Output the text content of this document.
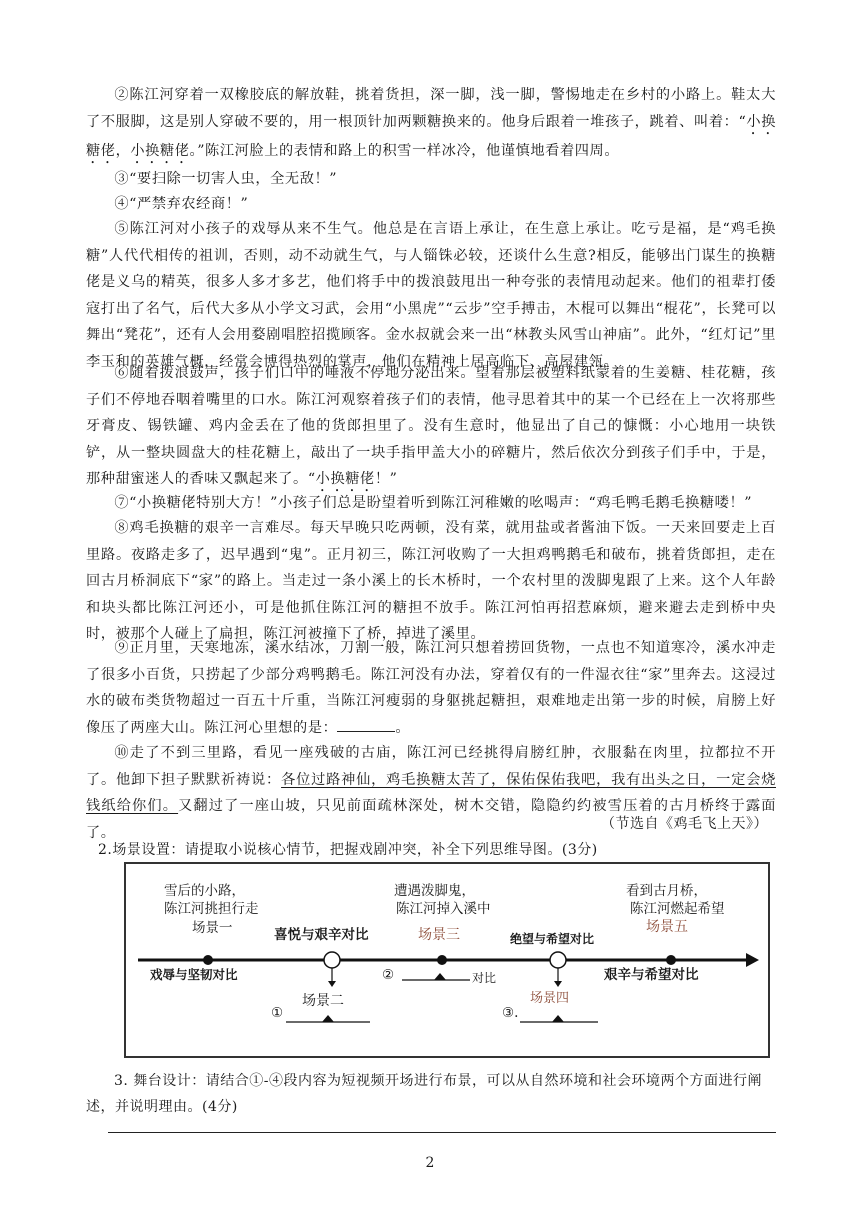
②陈江河穿着一双橡胶底的解放鞋，挑着货担，深一脚，浅一脚，警惕地走在乡村的小路上。鞋太大了不服脚，这是别人穿破不要的，用一根顶针加两颗糖换来的。他身后跟着一堆孩子，跳着、叫着：“小换糖佬，小换糖佬。”陈江河脸上的表情和路上的积雪一样冰冷，他谨慎地看着四周。

③“要扫除一切害人虫，全无敌！”

④“严禁弃农经商！”

⑤陈江河对小孩子的戏辱从来不生气。他总是在言语上承让，在生意上承让。吃亏是福，是“鸡毛换糖”人代代相传的祖训，否则，动不动就生气，与人锱铢必较，还谈什么生意?相反，能够出门谋生的换糖佬是义乌的精英，很多人多才多艺，他们将手中的拨浪鼓甩出一种夸张的表情甩动起来。他们的祖辈打倭寇打出了名气，后代大多从小学文习武，会用“小黑虎”“云步”空手搏击，木棍可以舞出“棍花”，长凳可以舞出“凳花”，还有人会用婺剧唱腔招揽顾客。金水叔就会来一出“林教头风雪山神庙”。此外，“红灯记”里李玉和的英雄气概，经常会博得热烈的掌声，他们在精神上居高临下、高屋建瓴。

⑥随着拨浪鼓声，孩子们口中的唾液不停地分泌出来。望着那层被塑料纸蒙着的生姜糖、桂花糖，孩子们不停地吞咽着嘴里的口水。陈江河观察着孩子们的表情，他寻思着其中的某一个已经在上一次将那些牙膏皮、锡铁罐、鸡内金丢在了他的货郎担里了。没有生意时，他显出了自己的慷慨：小心地用一块铁铲，从一整块圆盘大的桂花糖上，敲出了一块手指甲盖大小的碎糖片，然后依次分到孩子们手中，于是，那种甜蜜迷人的香味又飘起来了。“小换糖佬！”

⑦“小换糖佬特别大方！”小孩子们总是盼望着听到陈江河稚嫩的吆喝声：“鸡毛鸭毛鹅毛换糖喽！”

⑧鸡毛换糖的艰辛一言难尽。每天早晚只吃两顿，没有菜，就用盐或者酱油下饭。一天来回要走上百里路。夜路走多了，迟早遇到“鬼”。正月初三，陈江河收购了一大担鸡鸭鹅毛和破布，挑着货郎担，走在回古月桥洞底下“家”的路上。当走过一条小溪上的长木桥时，一个农村里的泼脚鬼跟了上来。这个人年龄和块头都比陈江河还小，可是他抓住陈江河的糖担不放手。陈江河怕再招惹麻烦，避来避去走到桥中央时，被那个人碰上了扁担，陈江河被撞下了桥，掉进了溪里。

⑨正月里，天寒地冻，溪水结冰，刀割一般，陈江河只想着捞回货物，一点也不知道寒冷，溪水冲走了很多小百货，只捞起了少部分鸡鸭鹅毛。陈江河没有办法，穿着仅有的一件湿衣往“家”里奔去。这浸过水的破布类货物超过一百五十斤重，当陈江河瘦弱的身躯挑起糖担，艰难地走出第一步的时候，肩膀上好像压了两座大山。陈江河心里想的是：	。

⑩走了不到三里路，看见一座残破的古庙，陈江河已经挑得肩膀红肿，衣服黏在肉里，拉都拉不开了。他卸下担子默默祈祷说：各位过路神仙，鸡毛换糖太苦了，保佑保佑我吧，我有出头之日，一定会烧钱纸给你们。又翻过了一座山坡，只见前面疏林深处，树木交错，隐隐约约被雪压着的古月桥终于露面了。

（节选自《鸡毛飞上天》）

2.场景设置：请提取小说核心情节，把握戏剧冲突，补全下列思维导图。(3分)

雪后的小路，
陈江河挑担行走
场景一	喜悦与艰辛对比
戏辱与坚韧对比
场景二
①
遭遇泼脚鬼，
陈江河掉入溪中
场景三
②	对比
绝望与希望对比
场景四
③.
看到古月桥，
陈江河燃起希望
场景五
艰辛与希望对比

3. 舞台设计：请结合①-④段内容为短视频开场进行布景，可以从自然环境和社会环境两个方面进行阐述，并说明理由。(4分)

2
